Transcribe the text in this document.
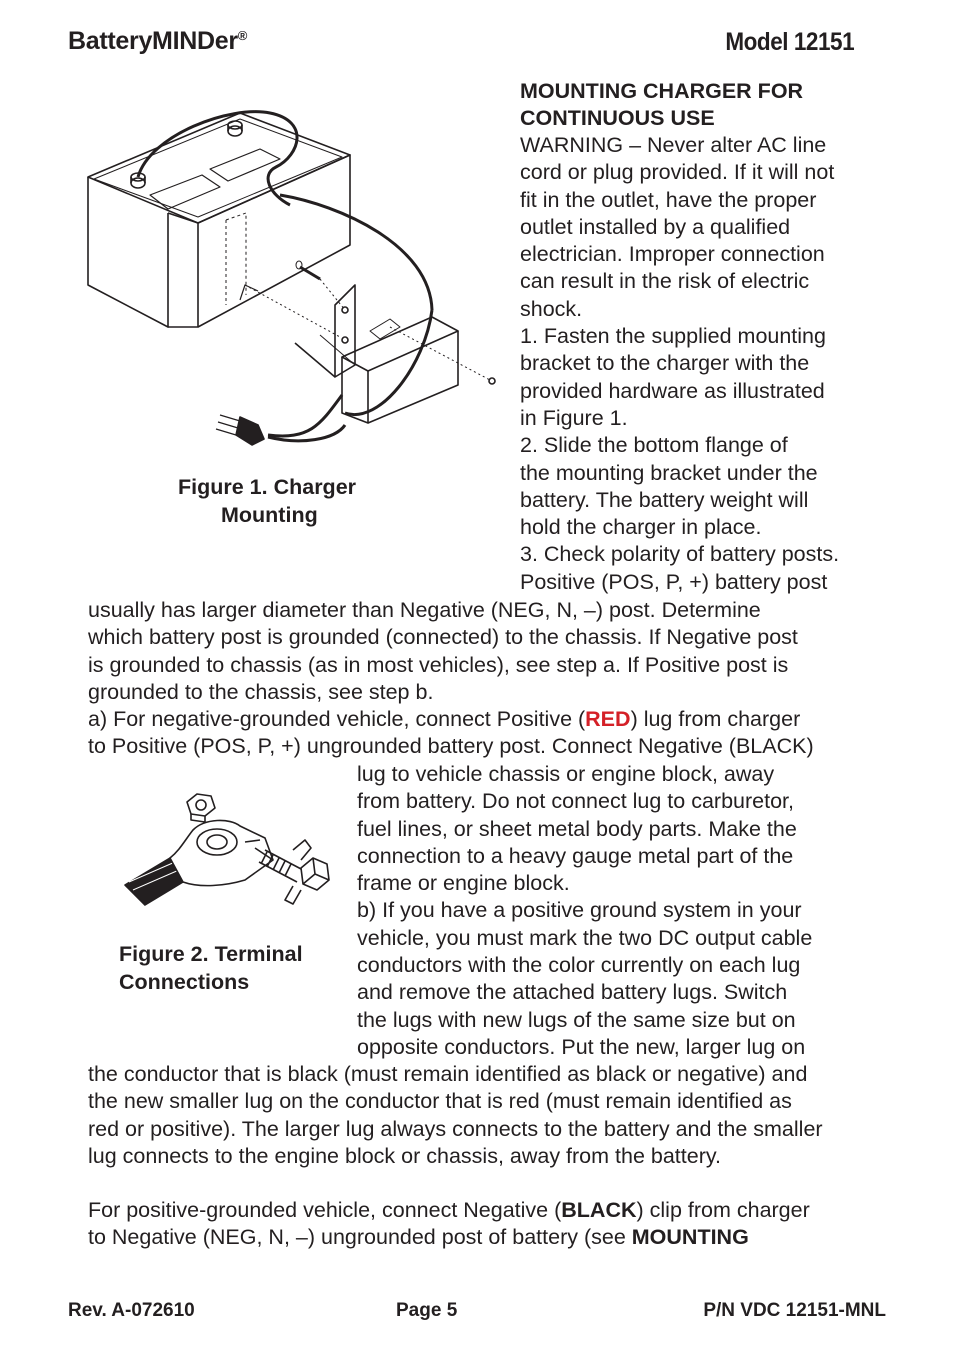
BatteryMINDer®	Model 12151
Figure 1. Charger
Mounting
MOUNTING CHARGER FOR
CONTINUOUS USE
WARNING – Never alter AC line
cord or plug provided. If it will not
fit in the outlet, have the proper
outlet installed by a qualified
electrician. Improper connection
can result in the risk of electric
shock.
1. Fasten the supplied mounting
bracket to the charger with the
provided hardware as illustrated
in Figure 1.
2. Slide the bottom flange of
the mounting bracket under the
battery. The battery weight will
hold the charger in place.
3. Check polarity of battery posts.
Positive (POS, P, +) battery post
usually has larger diameter than Negative (NEG, N, –) post. Determine
which battery post is grounded (connected) to the chassis. If Negative post
is grounded to chassis (as in most vehicles), see step a. If Positive post is
grounded to the chassis, see step b.
a) For negative-grounded vehicle, connect Positive (RED) lug from charger
to Positive (POS, P, +) ungrounded battery post. Connect Negative (BLACK)
Figure 2. Terminal
Connections
lug to vehicle chassis or engine block, away
from battery. Do not connect lug to carburetor,
fuel lines, or sheet metal body parts. Make the
connection to a heavy gauge metal part of the
frame or engine block.
b) If you have a positive ground system in your
vehicle, you must mark the two DC output cable
conductors with the color currently on each lug
and remove the attached battery lugs. Switch
the lugs with new lugs of the same size but on
opposite conductors. Put the new, larger lug on
the conductor that is black (must remain identified as black or negative) and
the new smaller lug on the conductor that is red (must remain identified as
red or positive). The larger lug always connects to the battery and the smaller
lug connects to the engine block or chassis, away from the battery.
For positive-grounded vehicle, connect Negative (BLACK) clip from charger
to Negative (NEG, N, –) ungrounded post of battery (see MOUNTING
Rev. A-072610	Page 5	P/N VDC 12151-MNL
